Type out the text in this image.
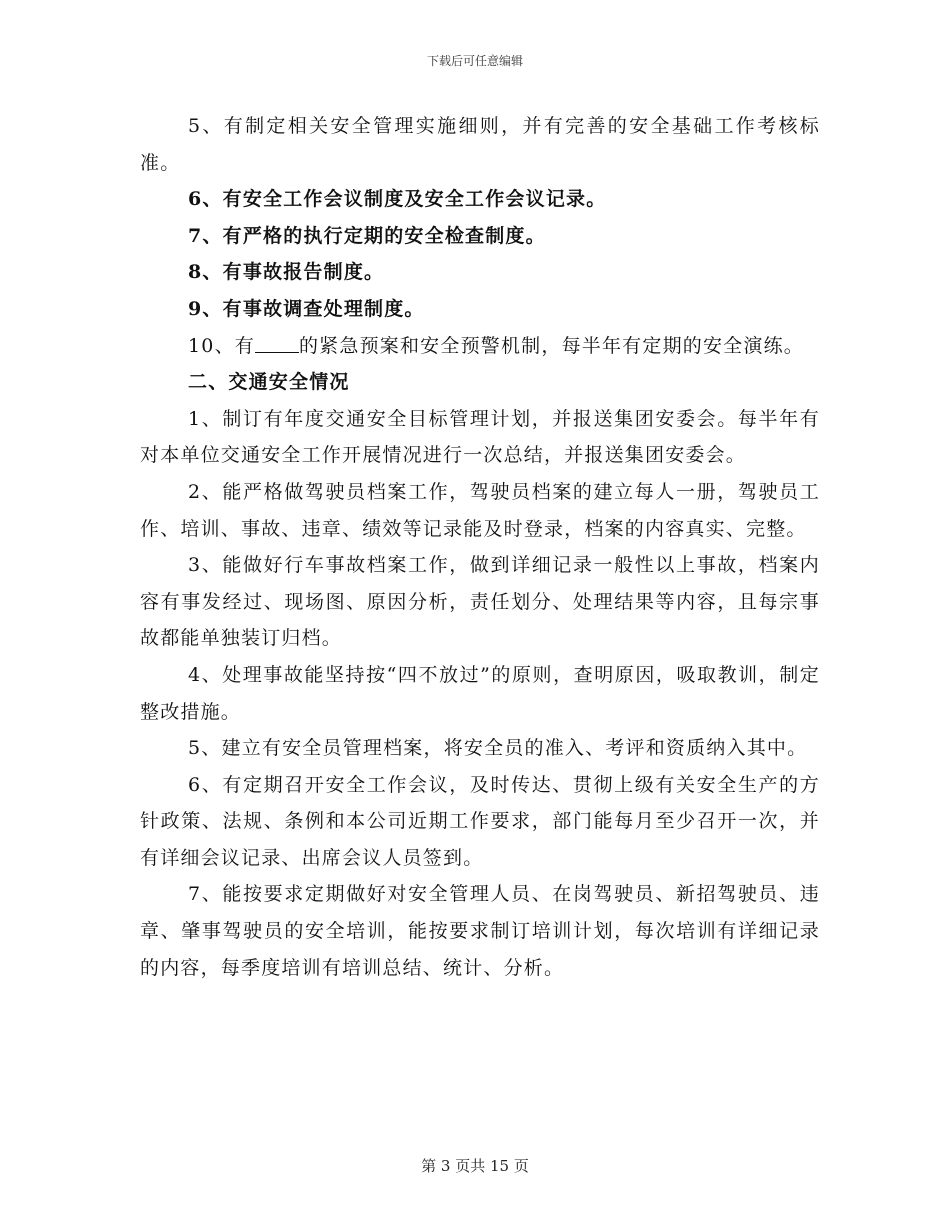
下载后可任意编辑

5、有制定相关安全管理实施细则，并有完善的安全基础工作考核标准。

6、有安全工作会议制度及安全工作会议记录。

7、有严格的执行定期的安全检查制度。

8、有事故报告制度。

9、有事故调查处理制度。

10、有 的紧急预案和安全预警机制，每半年有定期的安全演练。

二、交通安全情况

1、制订有年度交通安全目标管理计划，并报送集团安委会。每半年有对本单位交通安全工作开展情况进行一次总结，并报送集团安委会。

2、能严格做驾驶员档案工作，驾驶员档案的建立每人一册，驾驶员工作、培训、事故、违章、绩效等记录能及时登录，档案的内容真实、完整。

3、能做好行车事故档案工作，做到详细记录一般性以上事故，档案内容有事发经过、现场图、原因分析，责任划分、处理结果等内容，且每宗事故都能单独装订归档。

4、处理事故能坚持按“四不放过”的原则，查明原因，吸取教训，制定整改措施。

5、建立有安全员管理档案，将安全员的准入、考评和资质纳入其中。

6、有定期召开安全工作会议，及时传达、贯彻上级有关安全生产的方针政策、法规、条例和本公司近期工作要求，部门能每月至少召开一次，并有详细会议记录、出席会议人员签到。

7、能按要求定期做好对安全管理人员、在岗驾驶员、新招驾驶员、违章、肇事驾驶员的安全培训，能按要求制订培训计划，每次培训有详细记录的内容，每季度培训有培训总结、统计、分析。

第 3 页共 15 页
